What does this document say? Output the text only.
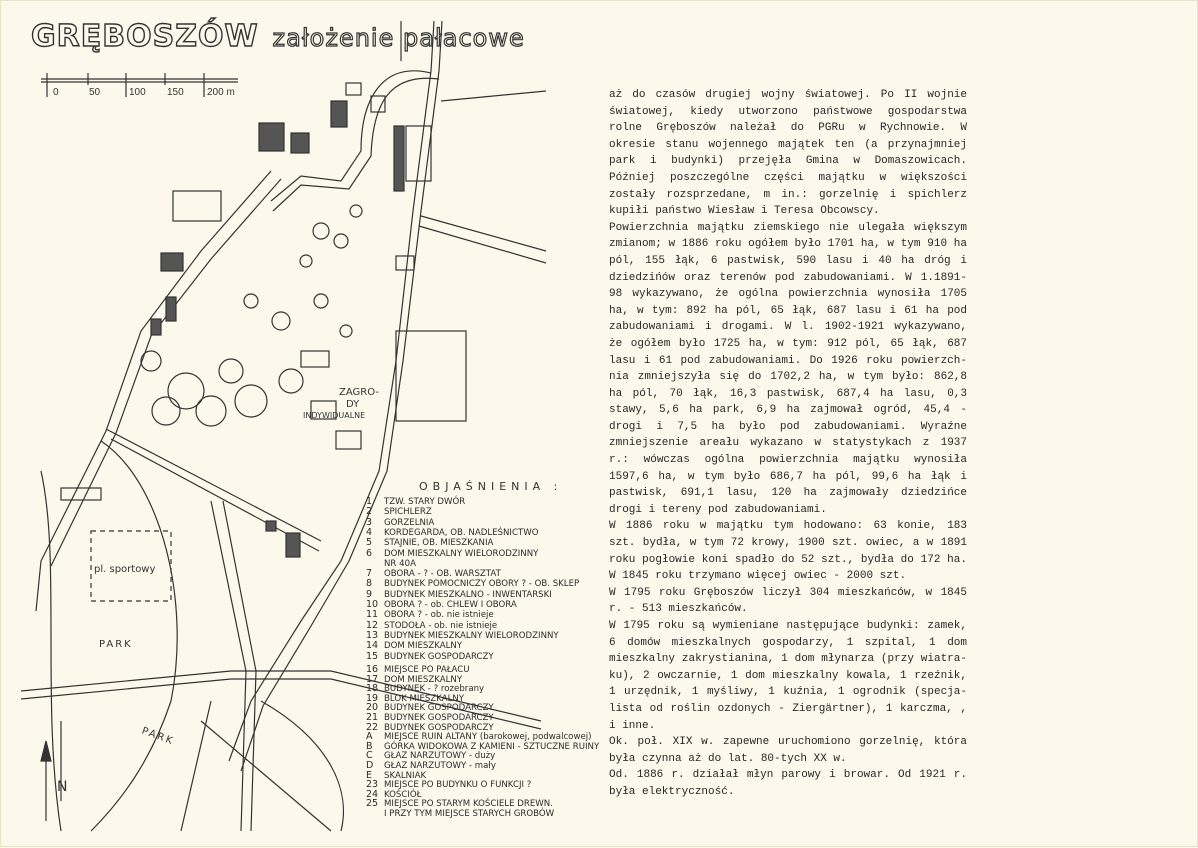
GRĘBOSZÓW założenie pałacowe
0	50	100 150 200 m
ZAGRO-
DY
INDYWIDUALNE
pl. sportowy
PARK
PARK
N
OBJAŚNIENIA :
1 TZW. STARY DWÓR
2 SPICHLERZ
3 GORZELNIA
4 KORDEGARDA, OB. NADLEŚNICTWO
5 STAJNIE, OB. MIESZKANIA
6 DOM MIESZKALNY WIELORODZINNY
NR 40A
7 OBORA - ? - OB. WARSZTAT
8 BUDYNEK POMOCNICZY OBORY ? - OB. SKLEP
9 BUDYNEK MIESZKALNO - INWENTARSKI
10 OBORA ? - ob. CHLEW I OBORA
11 OBORA ? - ob. nie istnieje
12 STODOŁA - ob. nie istnieje
13 BUDYNEK MIESZKALNY WIELORODZINNY
14 DOM MIESZKALNY
15 BUDYNEK GOSPODARCZY
16 MIEJSCE PO PAŁACU
17 DOM MIESZKALNY
18 BUDYNEK - ? rozebrany
19 BLOK MIESZKALNY
20 BUDYNEK GOSPODARCZY
21 BUDYNEK GOSPODARCZY
22 BUDYNEK GOSPODARCZY
A MIEJSCE RUIN ALTANY (barokowej, podwalcowej)
B GÓRKA WIDOKOWA Z KAMIENI - SZTUCZNE RUINY
C GŁAZ NARZUTOWY - duży
D GŁAZ NARZUTOWY - mały
E SKALNIAK
23 MIEJSCE PO BUDYNKU O FUNKCJI ?
24 KOŚCIÓŁ
25 MIEJSCE PO STARYM KOŚCIELE DREWN.
I PRZY TYM MIEJSCE STARYCH GROBÓW
aż do czasów drugiej wojny światowej. Po II wojnie
światowej, kiedy utworzono państwowe gospodarstwa
rolne Gręboszów należał do PGRu w Rychnowie. W
okresie stanu wojennego majątek ten (a przynajmniej
park i budynki) przejęła Gmina w Domaszowicach.
Później poszczególne części majątku w większości
zostały rozsprzedane, m in.: gorzelnię i spichlerz
kupiłi państwo Wiesław i Teresa Obcowscy.
Powierzchnia majątku ziemskiego nie ulegała większym
zmianom; w 1886 roku ogółem było 1701 ha, w tym 910 ha
pól, 155 łąk, 6 pastwisk, 590 lasu i 40 ha dróg i
dziedzińów oraz terenów pod zabudowaniami. W 1.1891-
98 wykazywano, że ogólna powierzchnia wynosiła 1705
ha, w tym: 892 ha pól, 65 łąk, 687 lasu i 61 ha pod
zabudowaniami i drogami. W l. 1902-1921 wykazywano,
że ogółem było 1725 ha, w tym: 912 pól, 65 łąk, 687
lasu i 61 pod zabudowaniami. Do 1926 roku powierzch-
nia zmniejszyła się do 1702,2 ha, w tym było: 862,8
ha pól, 70 łąk, 16,3 pastwisk, 687,4 ha lasu, 0,3
stawy, 5,6 ha park, 6,9 ha zajmował ogród, 45,4 -
drogi i 7,5 ha było pod zabudowaniami. Wyraźne
zmniejszenie areału wykazano w statystykach z 1937
r.: wówczas ogólna powierzchnia majątku wynosiła
1597,6 ha, w tym było 686,7 ha pól, 99,6 ha łąk i
pastwisk, 691,1 lasu, 120 ha zajmowały dziedzińce
drogi i tereny pod zabudowaniami.
W 1886 roku w majątku tym hodowano: 63 konie, 183
szt. bydła, w tym 72 krowy, 1900 szt. owiec, a w 1891
roku pogłowie koni spadło do 52 szt., bydła do 172 ha.
W 1845 roku trzymano więcej owiec - 2000 szt.
W 1795 roku Gręboszów liczył 304 mieszkańców, w 1845
r. - 513 mieszkańców.
W 1795 roku są wymieniane następujące budynki: zamek,
6 domów mieszkalnych gospodarzy, 1 szpital, 1 dom
mieszkalny zakrystianina, 1 dom młynarza (przy wiatra-
ku), 2 owczarnie, 1 dom mieszkalny kowala, 1 rzeźnik,
1 urzędnik, 1 myśliwy, 1 kuźnia, 1 ogrodnik (specja-
lista od roślin ozdonych - Ziergärtner), 1 karczma, ,
i inne.
Ok. poł. XIX w. zapewne uruchomiono gorzelnię, która
była czynna aż do lat. 80-tych XX w.
Od. 1886 r. działał młyn parowy i browar. Od 1921 r.
była elektryczność.
